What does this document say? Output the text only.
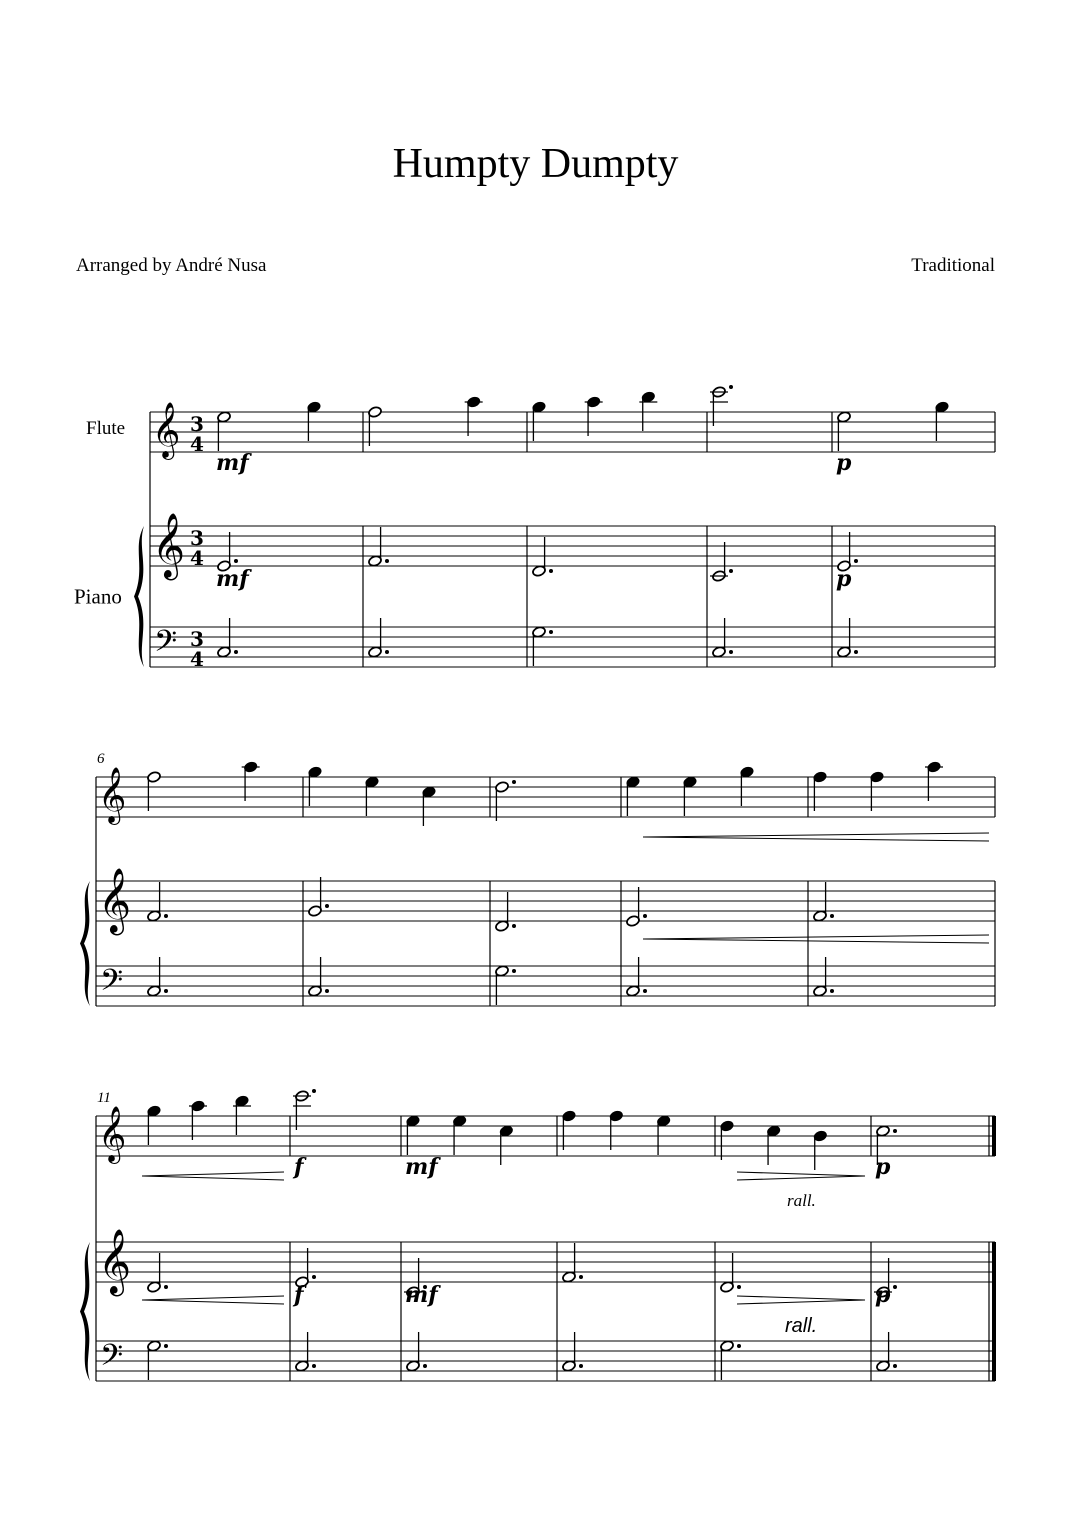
Humpty Dumpty
Arranged by André Nusa	Traditional
Flute
Piano
𝄞
𝄞
𝄢
3
4
3
4
3
4
mf
mf
p
p
6
𝄞
𝄞
𝄢
11
𝄞
𝄞
𝄢
f
f
mf
mf
p
p
rall.
rall.
